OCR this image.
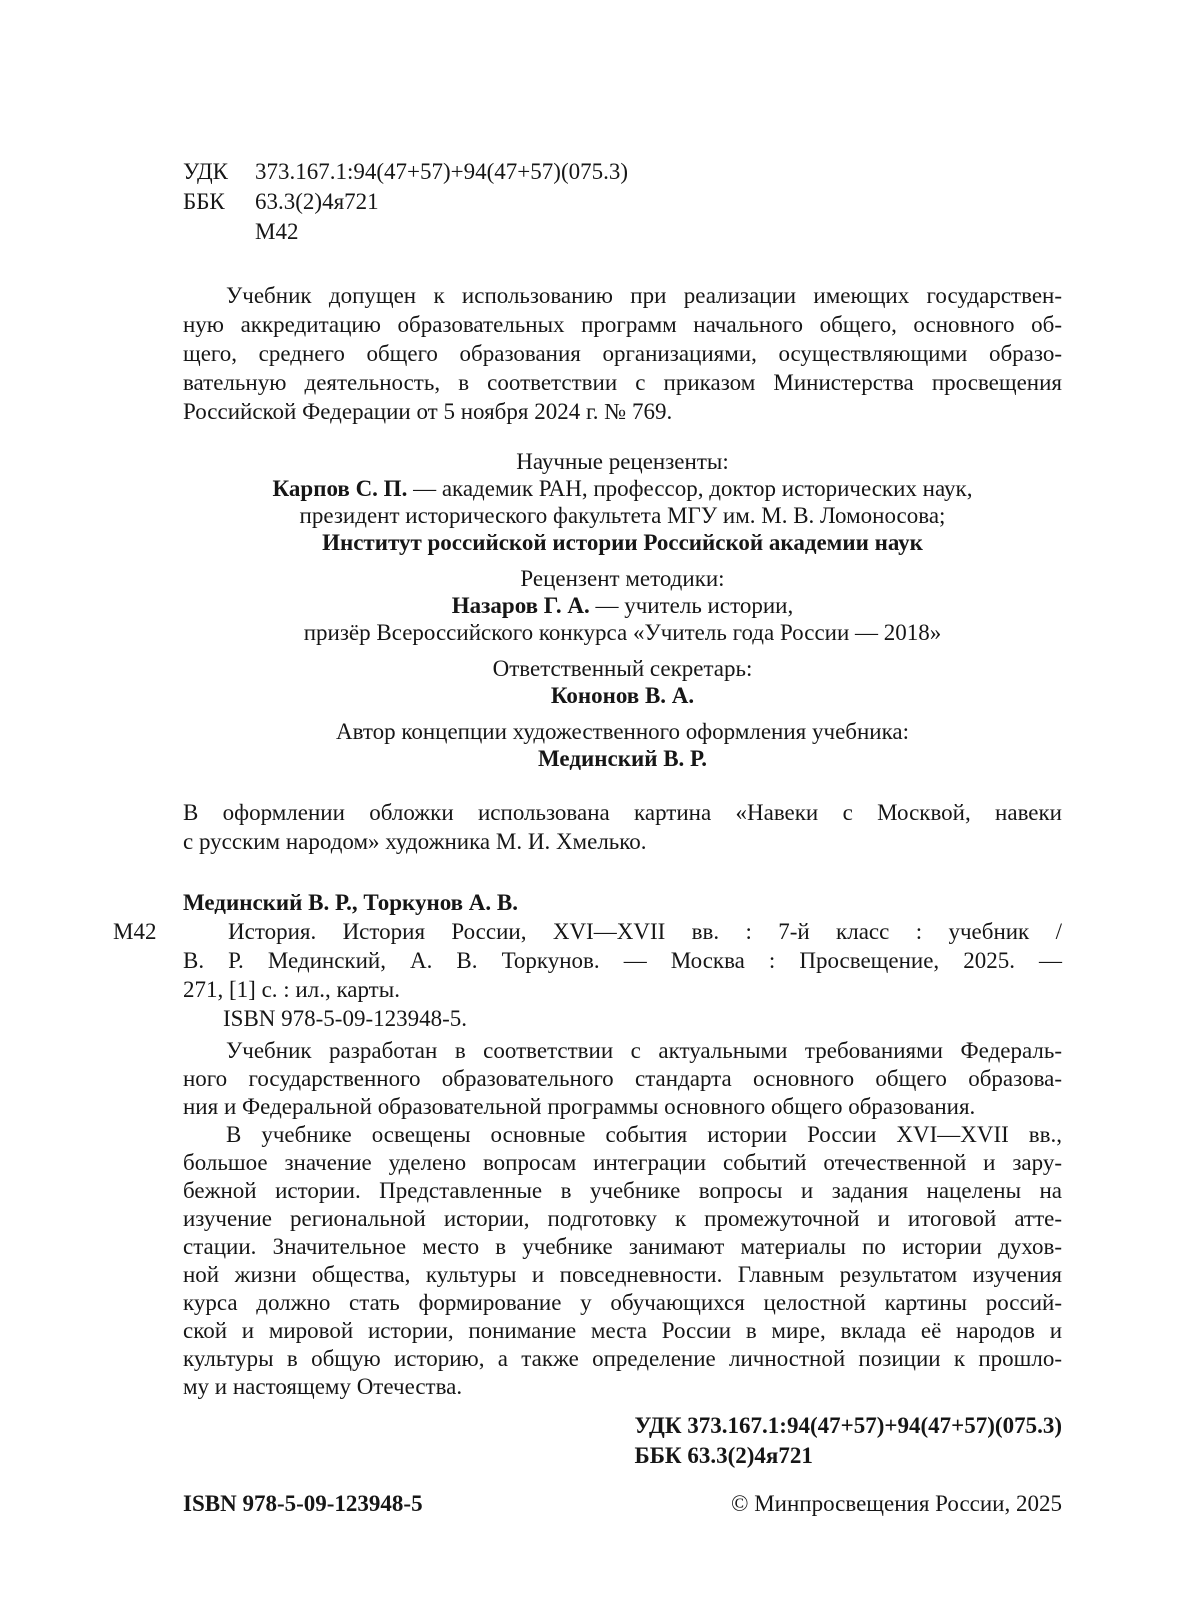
УДК 373.167.1:94(47+57)+94(47+57)(075.3)
ББК 63.3(2)4я721
М42
Учебник допущен к использованию при реализации имеющих государствен-
ную аккредитацию образовательных программ начального общего, основного об-
щего, среднего общего образования организациями, осуществляющими образо-
вательную деятельность, в соответствии с приказом Министерства просвещения
Российской Федерации от 5 ноября 2024 г. № 769.
Научные рецензенты:
Карпов С. П. — академик РАН, профессор, доктор исторических наук,
президент исторического факультета МГУ им. М. В. Ломоносова;
Институт российской истории Российской академии наук
Рецензент методики:
Назаров Г. А. — учитель истории,
призёр Всероссийского конкурса «Учитель года России — 2018»
Ответственный секретарь:
Кононов В. А.
Автор концепции художественного оформления учебника:
Мединский В. Р.
В оформлении обложки использована картина «Навеки с Москвой, навеки
с русским народом» художника М. И. Хмелько.
Мединский В. Р., Торкунов А. В.
М42	История. История России, XVI—XVII вв. : 7-й класс : учебник /
В. Р. Мединский, А. В. Торкунов. — Москва : Просвещение, 2025. —
271, [1] с. : ил., карты.
ISBN 978-5-09-123948-5.
Учебник разработан в соответствии с актуальными требованиями Федераль-
ного государственного образовательного стандарта основного общего образова-
ния и Федеральной образовательной программы основного общего образования.
В учебнике освещены основные события истории России XVI—XVII вв.,
большое значение уделено вопросам интеграции событий отечественной и зару-
бежной истории. Представленные в учебнике вопросы и задания нацелены на
изучение региональной истории, подготовку к промежуточной и итоговой атте-
стации. Значительное место в учебнике занимают материалы по истории духов-
ной жизни общества, культуры и повседневности. Главным результатом изучения
курса должно стать формирование у обучающихся целостной картины россий-
ской и мировой истории, понимание места России в мире, вклада её народов и
культуры в общую историю, а также определение личностной позиции к прошло-
му и настоящему Отечества.
УДК 373.167.1:94(47+57)+94(47+57)(075.3)
ББК 63.3(2)4я721
ISBN 978-5-09-123948-5	© Минпросвещения России, 2025
